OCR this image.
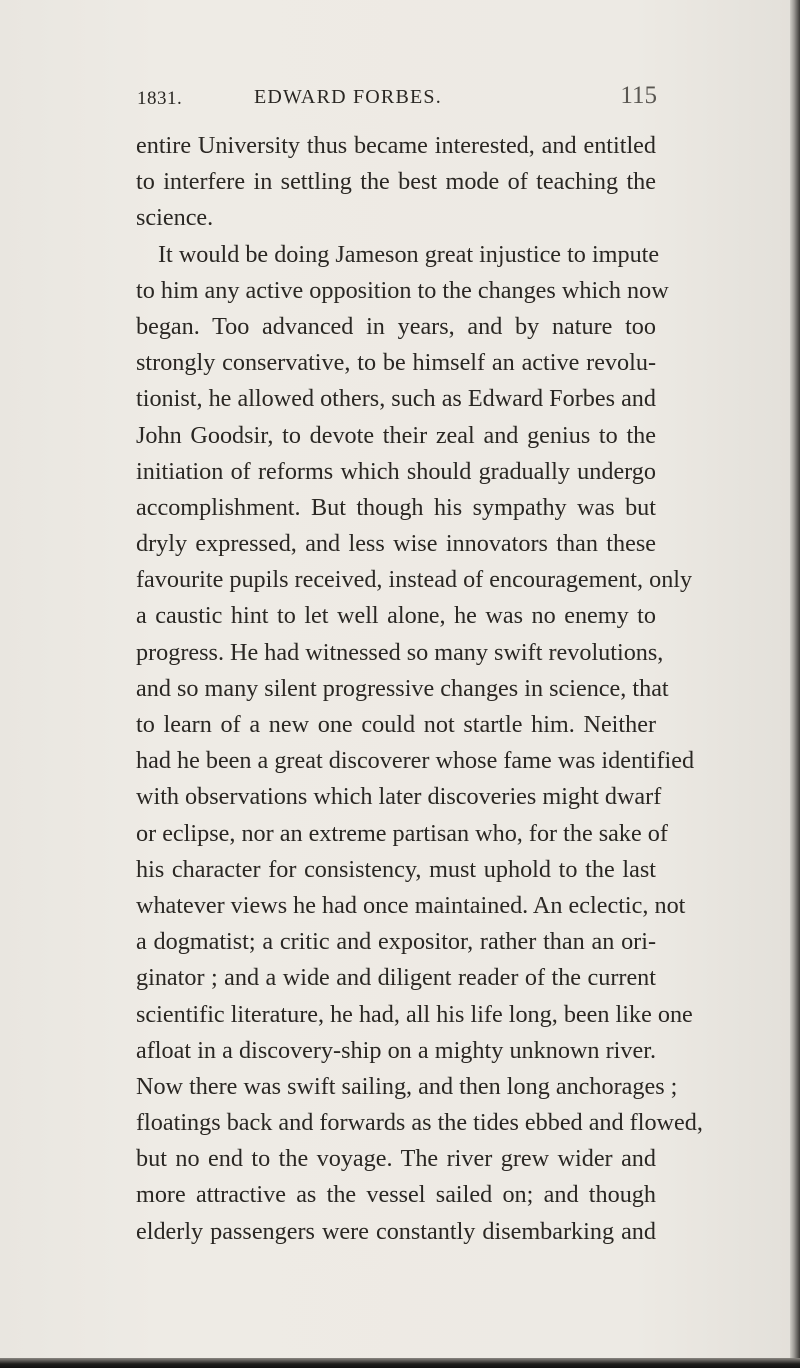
1831.	EDWARD FORBES.	115
entire University thus became interested, and entitled
to interfere in settling the best mode of teaching the
science.
It would be doing Jameson great injustice to impute
to him any active opposition to the changes which now
began. Too advanced in years, and by nature too
strongly conservative, to be himself an active revolu-
tionist, he allowed others, such as Edward Forbes and
John Goodsir, to devote their zeal and genius to the
initiation of reforms which should gradually undergo
accomplishment. But though his sympathy was but
dryly expressed, and less wise innovators than these
favourite pupils received, instead of encouragement, only
a caustic hint to let well alone, he was no enemy to
progress. He had witnessed so many swift revolutions,
and so many silent progressive changes in science, that
to learn of a new one could not startle him. Neither
had he been a great discoverer whose fame was identified
with observations which later discoveries might dwarf
or eclipse, nor an extreme partisan who, for the sake of
his character for consistency, must uphold to the last
whatever views he had once maintained. An eclectic, not
a dogmatist; a critic and expositor, rather than an ori-
ginator ; and a wide and diligent reader of the current
scientific literature, he had, all his life long, been like one
afloat in a discovery-ship on a mighty unknown river.
Now there was swift sailing, and then long anchorages ;
floatings back and forwards as the tides ebbed and flowed,
but no end to the voyage. The river grew wider and
more attractive as the vessel sailed on; and though
elderly passengers were constantly disembarking and
